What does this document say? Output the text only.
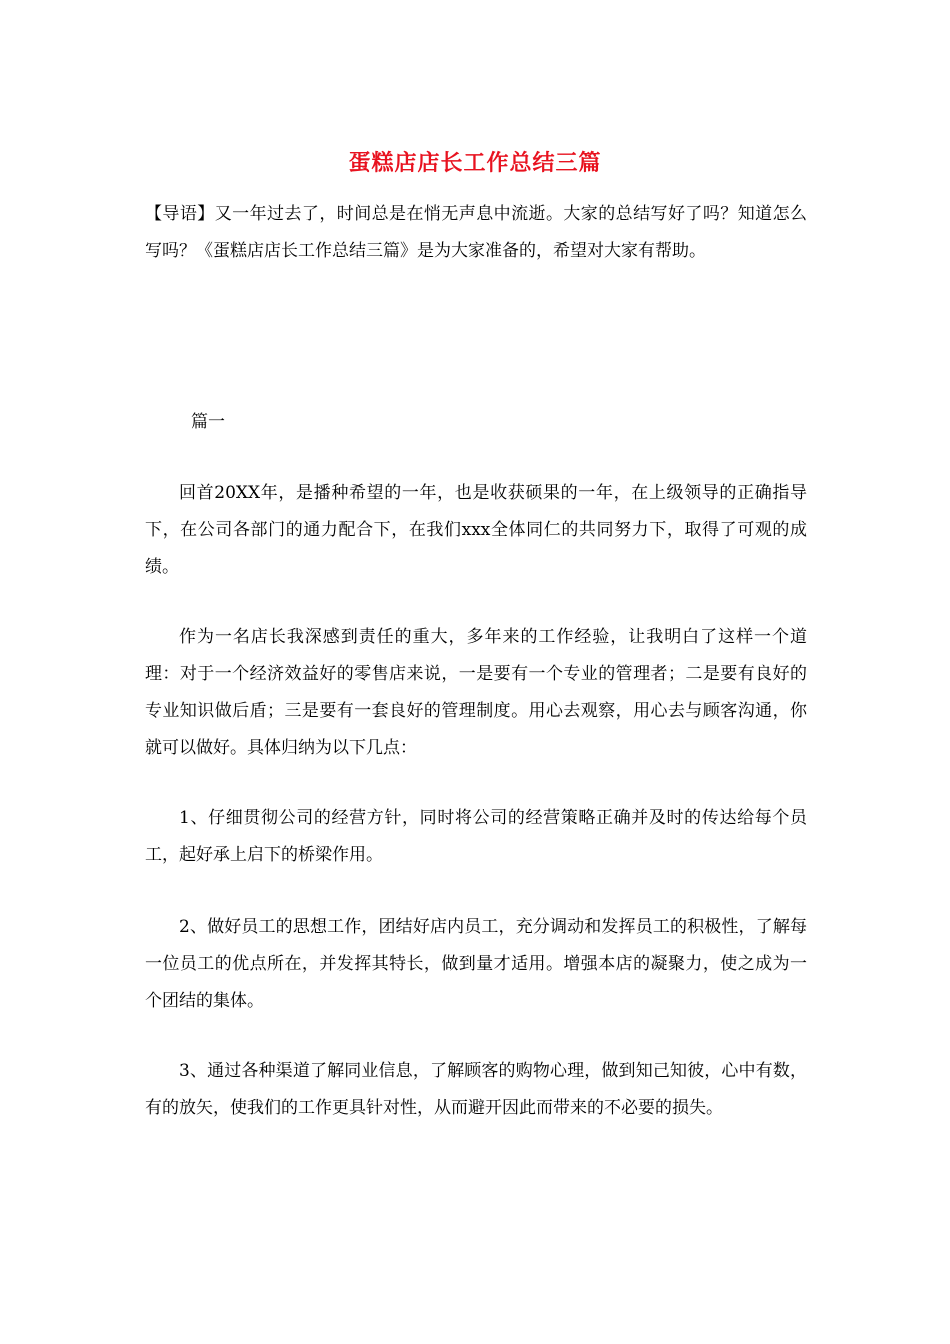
蛋糕店店长工作总结三篇
【导语】又一年过去了，时间总是在悄无声息中流逝。大家的总结写好了吗？知道怎么写吗？《蛋糕店店长工作总结三篇》是为大家准备的，希望对大家有帮助。
篇一
回首20XX年，是播种希望的一年，也是收获硕果的一年，在上级领导的正确指导下，在公司各部门的通力配合下，在我们xxx全体同仁的共同努力下，取得了可观的成绩。
作为一名店长我深感到责任的重大，多年来的工作经验，让我明白了这样一个道理：对于一个经济效益好的零售店来说，一是要有一个专业的管理者；二是要有良好的专业知识做后盾；三是要有一套良好的管理制度。用心去观察，用心去与顾客沟通，你就可以做好。具体归纳为以下几点：
1、仔细贯彻公司的经营方针，同时将公司的经营策略正确并及时的传达给每个员工，起好承上启下的桥梁作用。
2、做好员工的思想工作，团结好店内员工，充分调动和发挥员工的积极性，了解每一位员工的优点所在，并发挥其特长，做到量才适用。增强本店的凝聚力，使之成为一个团结的集体。
3、通过各种渠道了解同业信息，了解顾客的购物心理，做到知己知彼，心中有数，有的放矢，使我们的工作更具针对性，从而避开因此而带来的不必要的损失。
